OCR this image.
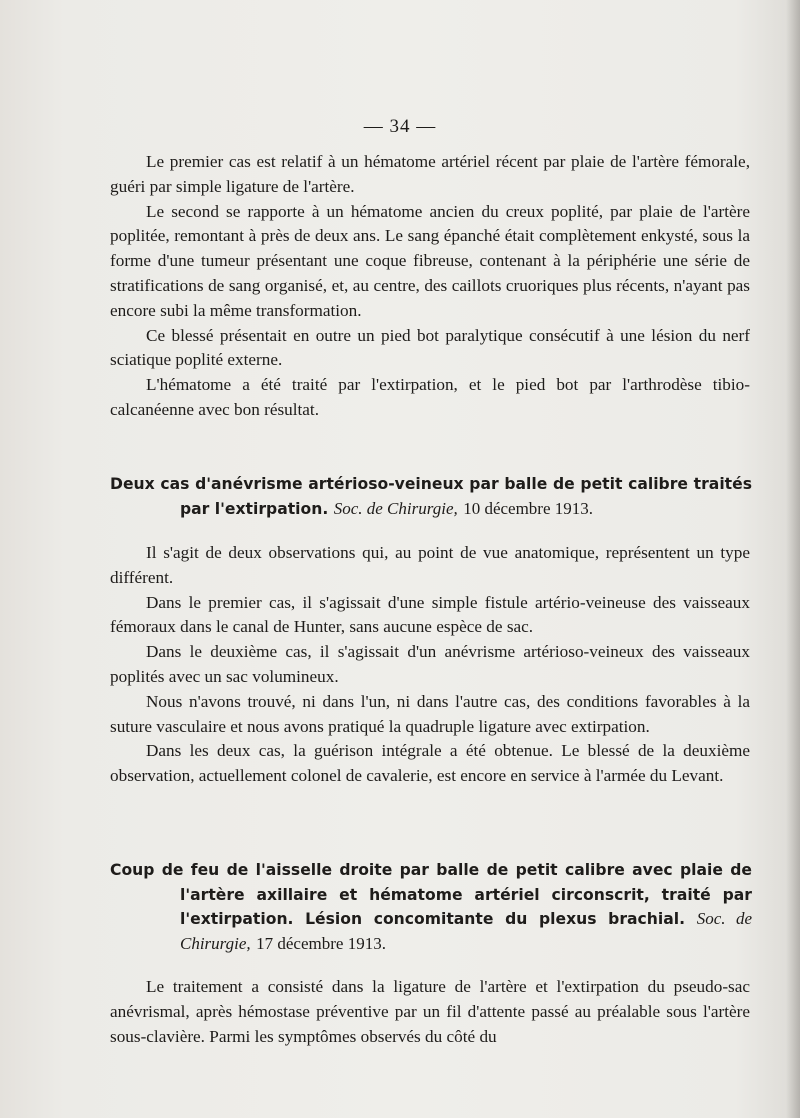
— 34 —

Le premier cas est relatif à un hématome artériel récent par plaie de l'artère fémorale, guéri par simple ligature de l'artère.

Le second se rapporte à un hématome ancien du creux poplité, par plaie de l'artère poplitée, remontant à près de deux ans. Le sang épanché était complètement enkysté, sous la forme d'une tumeur présentant une coque fibreuse, contenant à la périphérie une série de stratifications de sang organisé, et, au centre, des caillots cruoriques plus récents, n'ayant pas encore subi la même transformation.

Ce blessé présentait en outre un pied bot paralytique consécutif à une lésion du nerf sciatique poplité externe.

L'hématome a été traité par l'extirpation, et le pied bot par l'arthrodèse tibio-calcanéenne avec bon résultat.

Deux cas d'anévrisme artérioso-veineux par balle de petit calibre traités par l'extirpation. Soc. de Chirurgie, 10 décembre 1913.

Il s'agit de deux observations qui, au point de vue anatomique, représentent un type différent.

Dans le premier cas, il s'agissait d'une simple fistule artério-veineuse des vaisseaux fémoraux dans le canal de Hunter, sans aucune espèce de sac.

Dans le deuxième cas, il s'agissait d'un anévrisme artérioso-veineux des vaisseaux poplités avec un sac volumineux.

Nous n'avons trouvé, ni dans l'un, ni dans l'autre cas, des conditions favorables à la suture vasculaire et nous avons pratiqué la quadruple ligature avec extirpation.

Dans les deux cas, la guérison intégrale a été obtenue. Le blessé de la deuxième observation, actuellement colonel de cavalerie, est encore en service à l'armée du Levant.

Coup de feu de l'aisselle droite par balle de petit calibre avec plaie de l'artère axillaire et hématome artériel circonscrit, traité par l'extirpation. Lésion concomitante du plexus brachial. Soc. de Chirurgie, 17 décembre 1913.

Le traitement a consisté dans la ligature de l'artère et l'extirpation du pseudo-sac anévrismal, après hémostase préventive par un fil d'attente passé au préalable sous l'artère sous-clavière. Parmi les symptômes observés du côté du
